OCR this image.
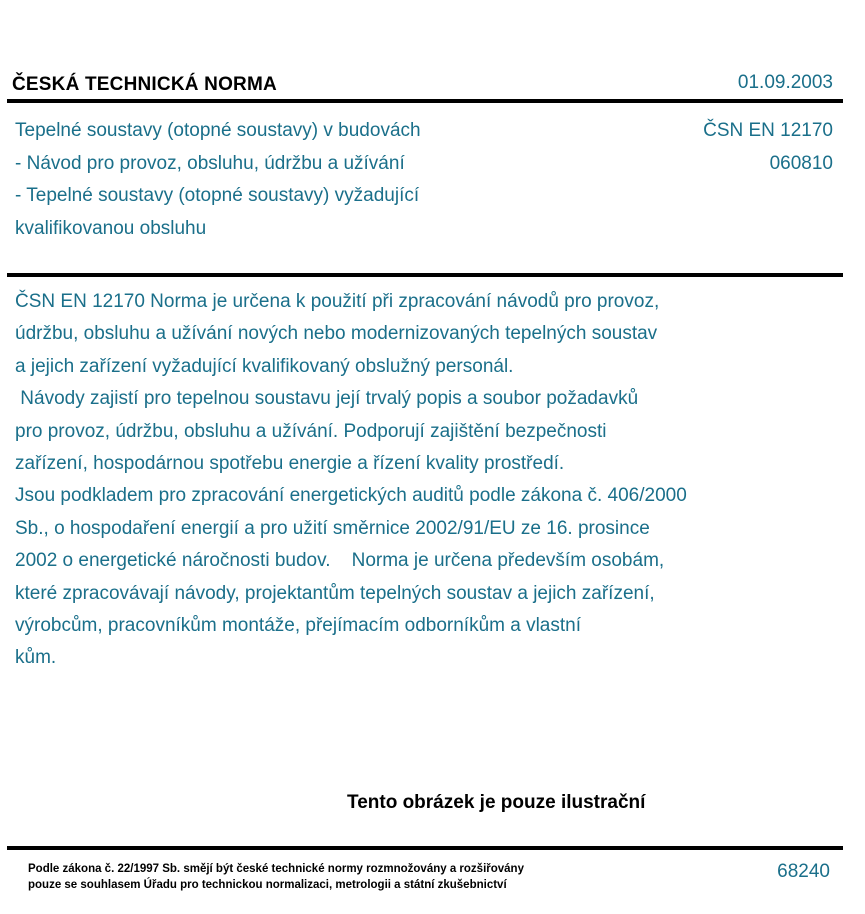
ČESKÁ TECHNICKÁ NORMA	01.09.2003
Tepelné soustavy (otopné soustavy) v budovách
- Návod pro provoz, obsluhu, údržbu a užívání
- Tepelné soustavy (otopné soustavy) vyžadující
kvalifikovanou obsluhu
ČSN EN 12170
060810
ČSN EN 12170 Norma je určena k použití při zpracování návodů pro provoz,
údržbu, obsluhu a užívání nových nebo modernizovaných tepelných soustav
a jejich zařízení vyžadující kvalifikovaný obslužný personál.
Návody zajistí pro tepelnou soustavu její trvalý popis a soubor požadavků
pro provoz, údržbu, obsluhu a užívání. Podporují zajištění bezpečnosti
zařízení, hospodárnou spotřebu energie a řízení kvality prostředí.
Jsou podkladem pro zpracování energetických auditů podle zákona č. 406/2000
Sb., o hospodaření energií a pro užití směrnice 2002/91/EU ze 16. prosince
2002 o energetické náročnosti budov.    Norma je určena především osobám,
které zpracovávají návody, projektantům tepelných soustav a jejich zařízení,
výrobcům, pracovníkům montáže, přejímacím odborníkům a vlastní
kům.
Tento obrázek je pouze ilustrační
Podle zákona č. 22/1997 Sb. smějí být české technické normy rozmnožovány a rozšiřovány
pouze se souhlasem Úřadu pro technickou normalizaci, metrologii a státní zkušebnictví
68240
